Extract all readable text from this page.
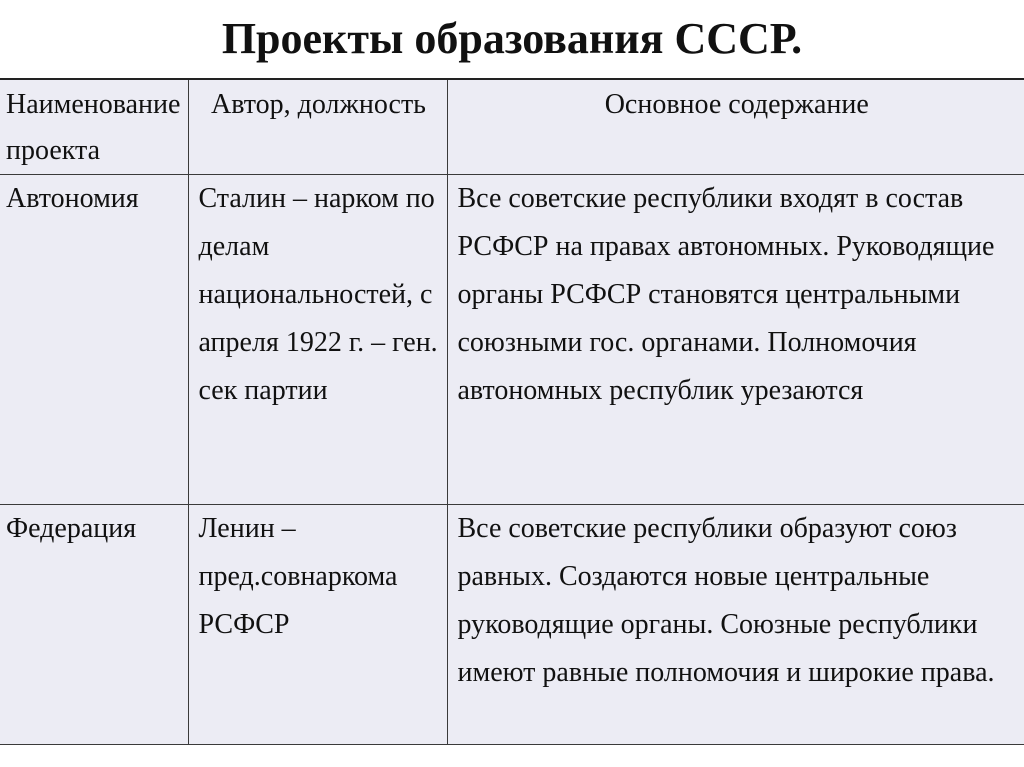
Проекты образования СССР.
Наименование проекта	Автор, должность	Основное содержание
Автономия	Сталин – нарком по делам национальностей, с апреля 1922 г. – ген. сек партии	Все советские республики входят в состав РСФСР на правах автономных. Руководящие органы РСФСР становятся центральными союзными гос. органами. Полномочия автономных республик урезаются
Федерация	Ленин – пред.совнаркома РСФСР	Все советские республики образуют союз равных. Создаются новые центральные руководящие органы. Союзные республики имеют равные полномочия и широкие права.
